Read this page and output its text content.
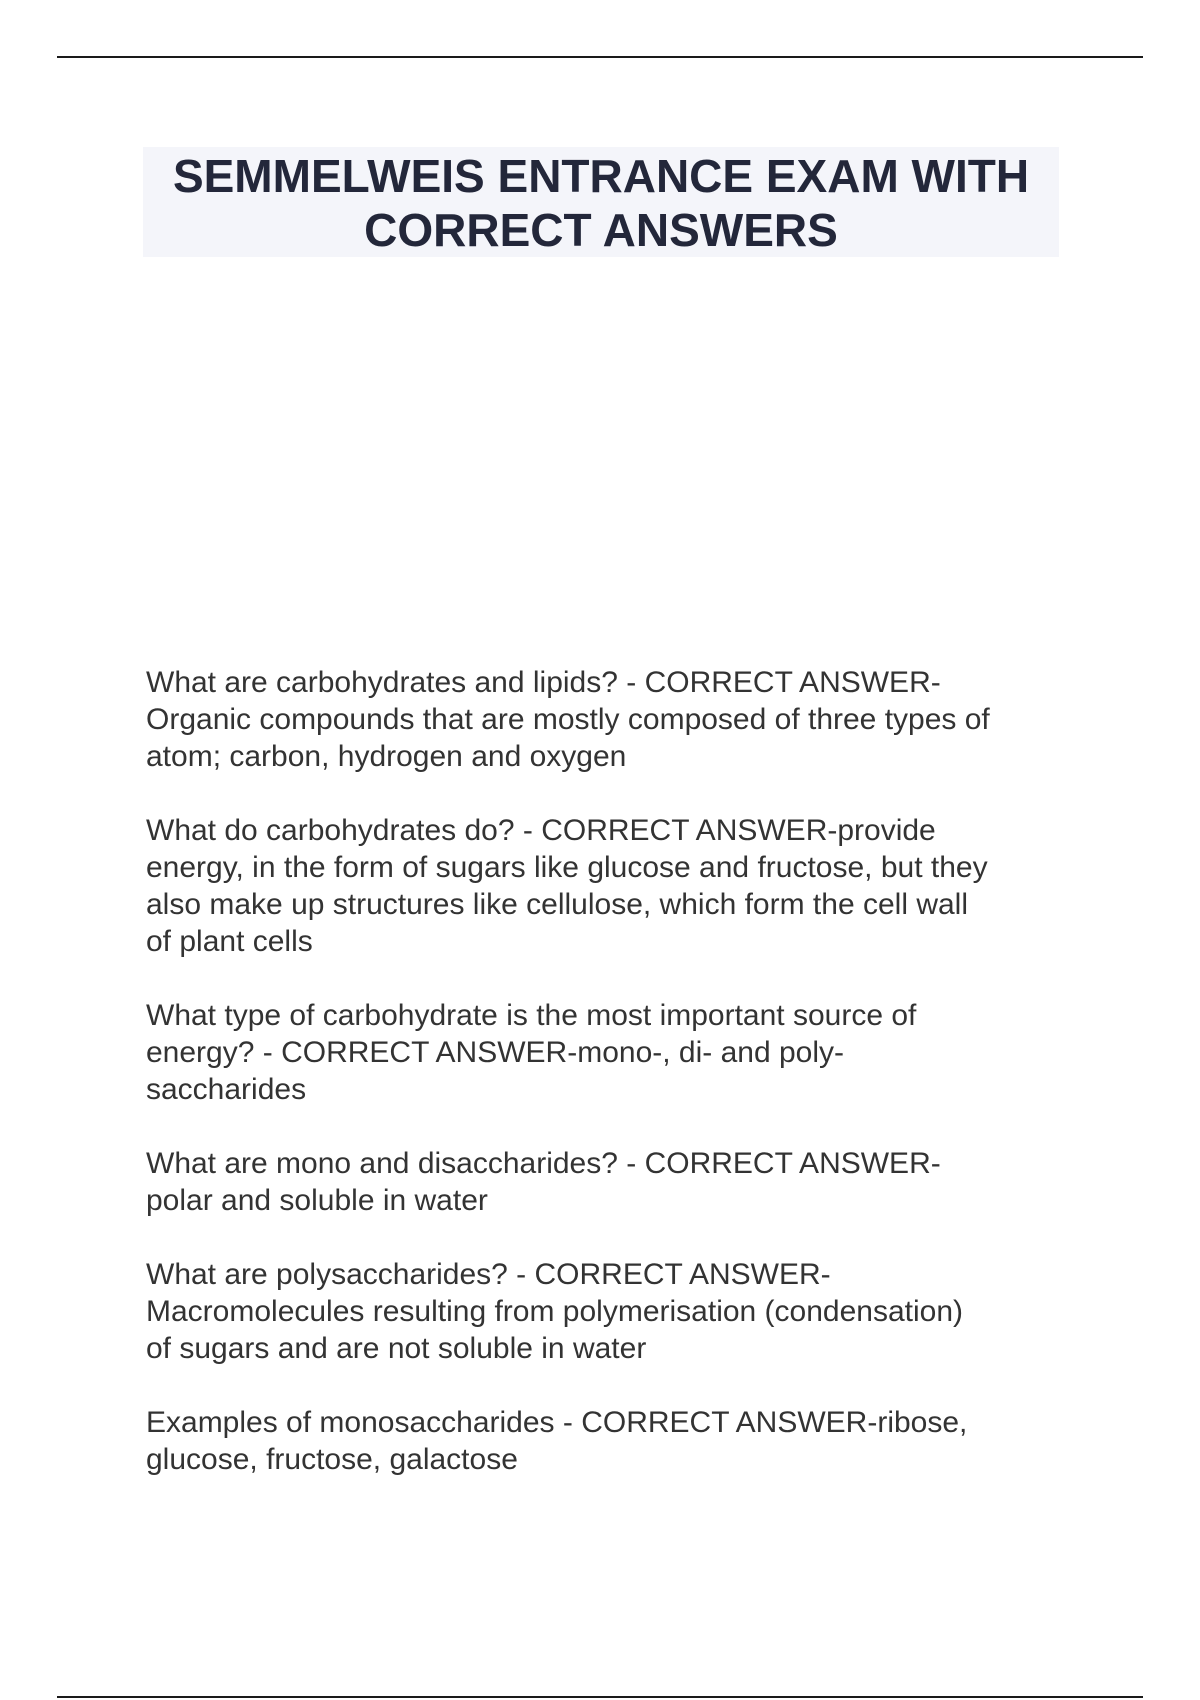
SEMMELWEIS ENTRANCE EXAM WITH
CORRECT ANSWERS

What are carbohydrates and lipids? - CORRECT ANSWER-
Organic compounds that are mostly composed of three types of
atom; carbon, hydrogen and oxygen

What do carbohydrates do? - CORRECT ANSWER-provide
energy, in the form of sugars like glucose and fructose, but they
also make up structures like cellulose, which form the cell wall
of plant cells

What type of carbohydrate is the most important source of
energy? - CORRECT ANSWER-mono-, di- and poly-
saccharides

What are mono and disaccharides? - CORRECT ANSWER-
polar and soluble in water

What are polysaccharides? - CORRECT ANSWER-
Macromolecules resulting from polymerisation (condensation)
of sugars and are not soluble in water

Examples of monosaccharides - CORRECT ANSWER-ribose,
glucose, fructose, galactose
